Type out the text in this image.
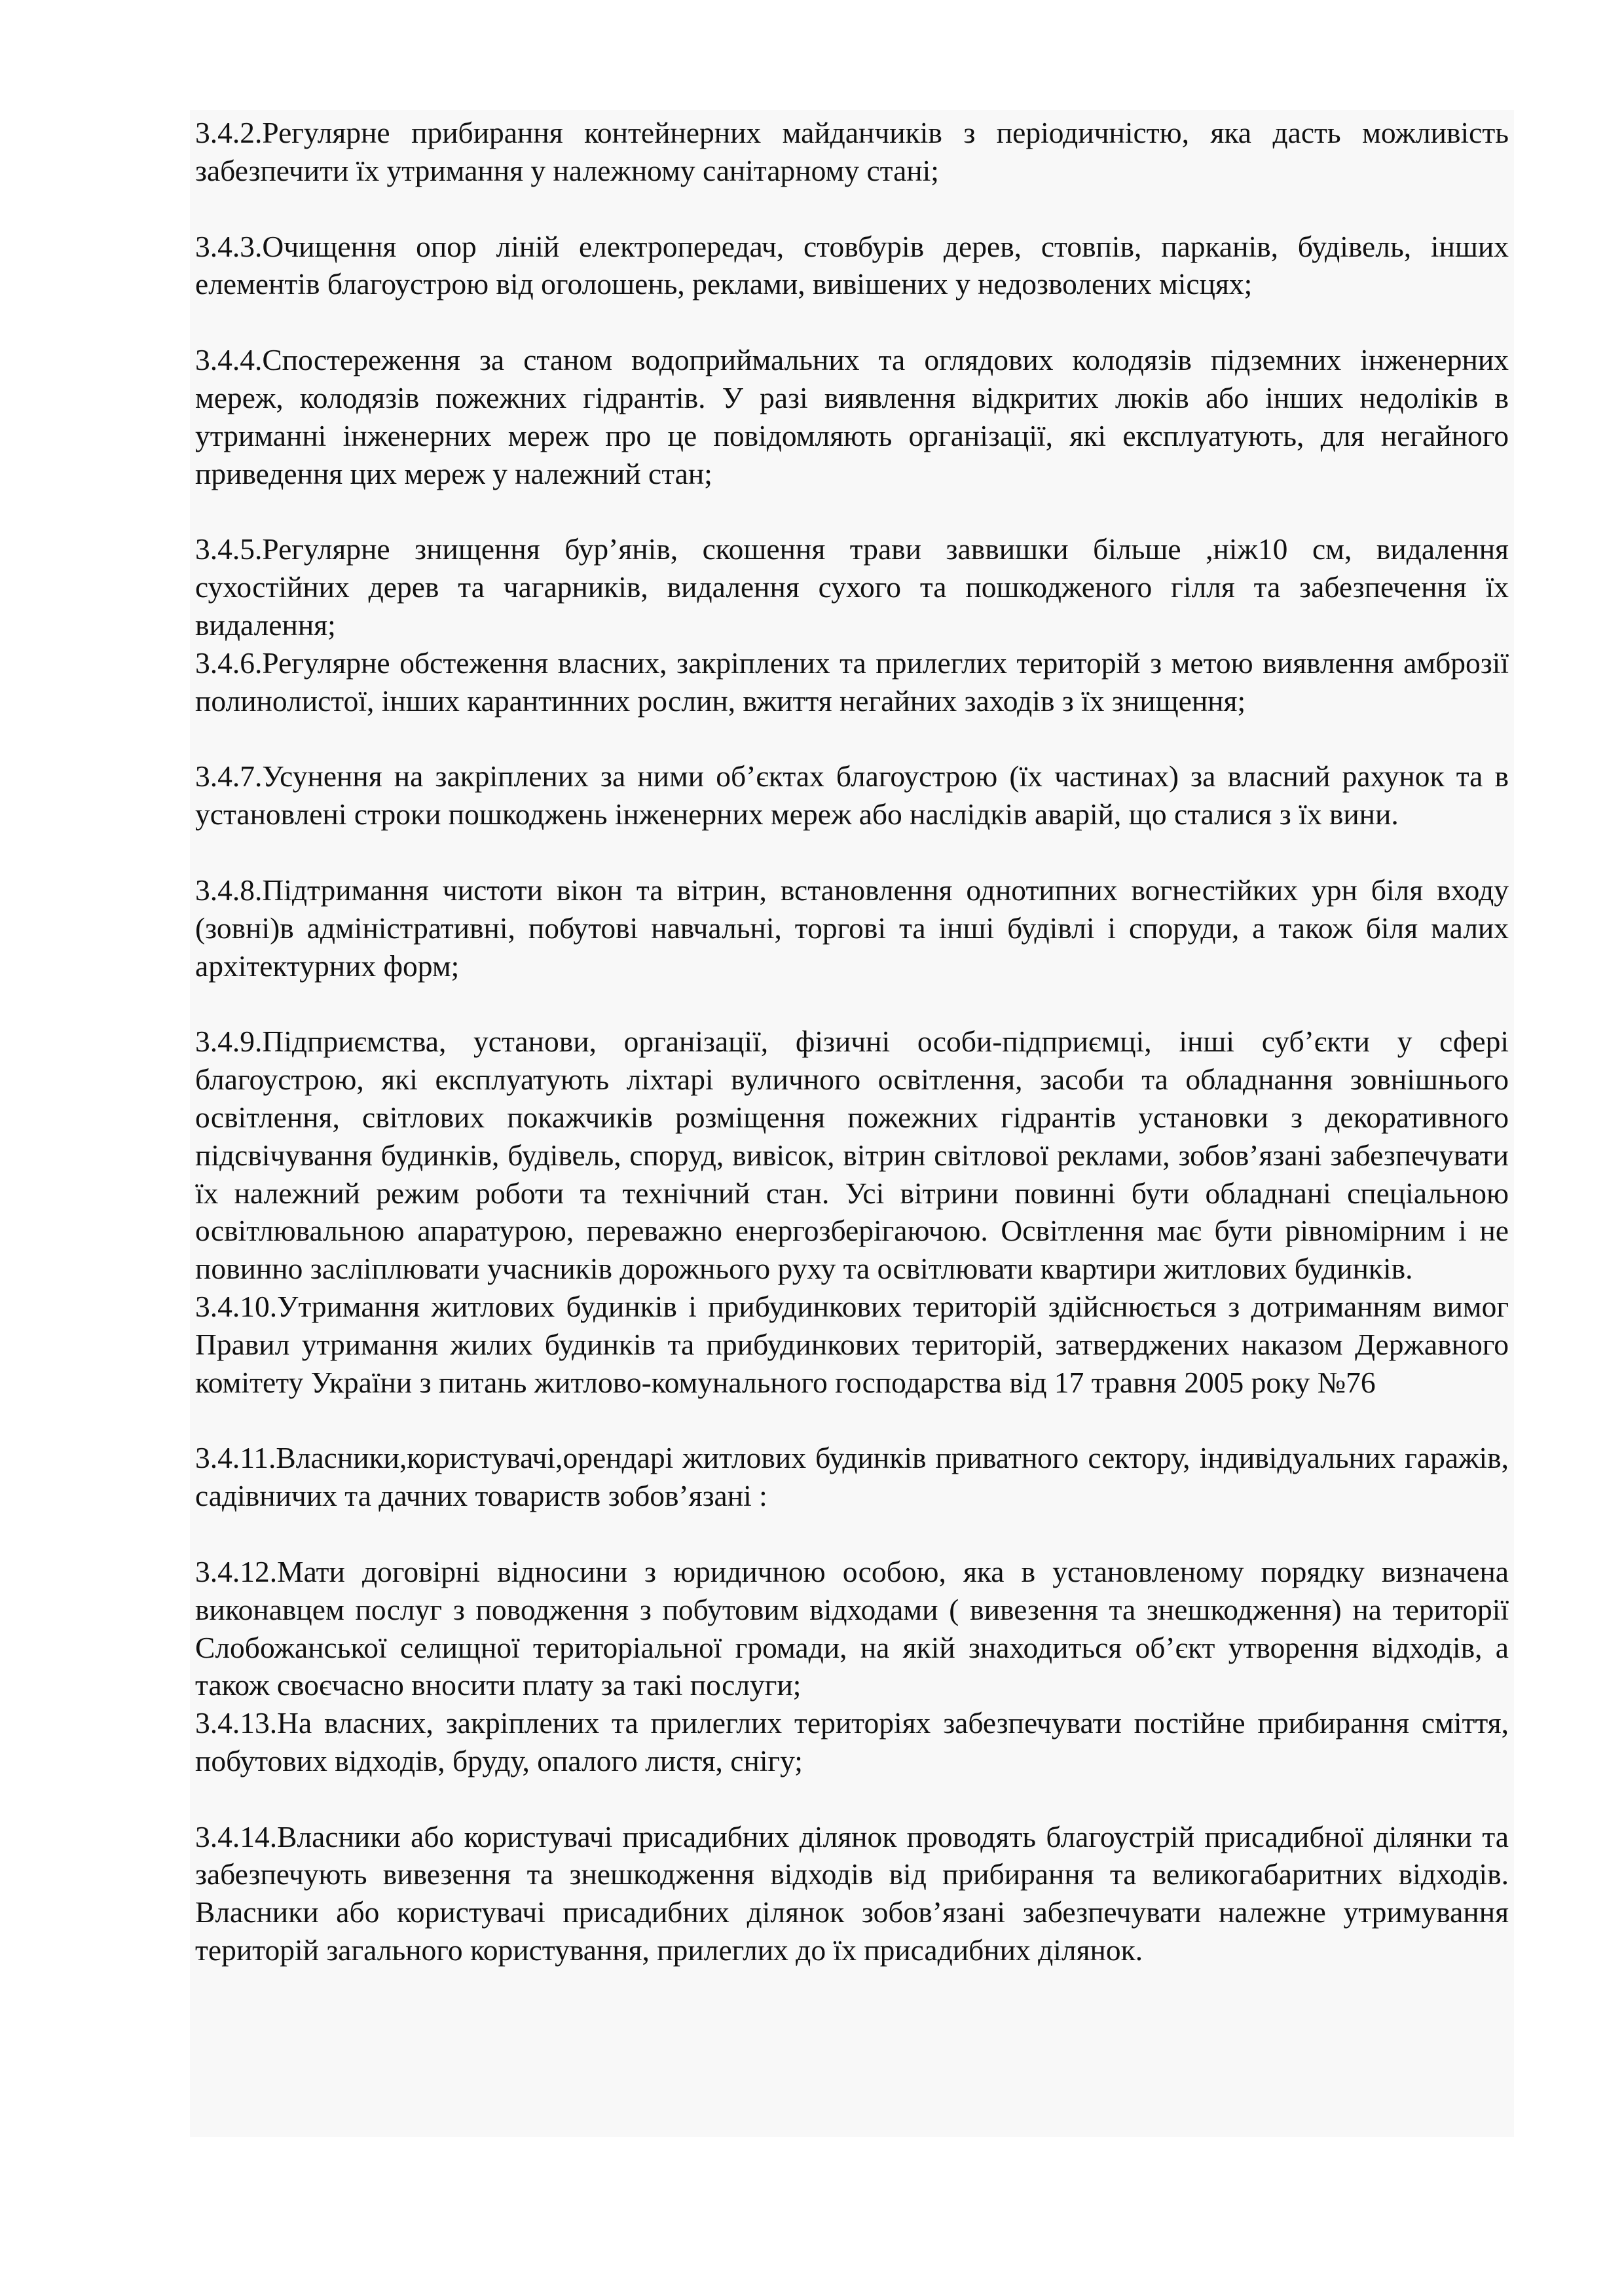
3.4.2.Регулярне прибирання контейнерних майданчиків з періодичністю, яка дасть можливість забезпечити їх утримання у належному санітарному стані;

3.4.3.Очищення опор ліній електропередач, стовбурів дерев, стовпів, парканів, будівель, інших елементів благоустрою від оголошень, реклами, вивішених у недозволених місцях;

3.4.4.Спостереження за станом водоприймальних та оглядових колодязів підземних інженерних мереж, колодязів пожежних гідрантів. У разі виявлення відкритих люків або інших недоліків в утриманні інженерних мереж про це повідомляють організації, які експлуатують, для негайного приведення цих мереж у належний стан;

3.4.5.Регулярне знищення бур’янів, скошення трави заввишки більше ,ніж10 см, видалення сухостійних дерев та чагарників, видалення сухого та пошкодженого гілля та забезпечення їх видалення;

3.4.6.Регулярне обстеження власних, закріплених та прилеглих територій з метою виявлення амброзії полинолистої, інших карантинних рослин, вжиття негайних заходів з їх знищення;

3.4.7.Усунення на закріплених за ними об’єктах благоустрою (їх частинах) за власний рахунок та в установлені строки пошкоджень інженерних мереж або наслідків аварій, що сталися з їх вини.

3.4.8.Підтримання чистоти вікон та вітрин, встановлення однотипних вогнестійких урн біля входу (зовні)в адміністративні, побутові навчальні, торгові та інші будівлі і споруди, а також біля малих архітектурних форм;

3.4.9.Підприємства, установи, організації, фізичні особи-підприємці, інші суб’єкти у сфері благоустрою, які експлуатують ліхтарі вуличного освітлення, засоби та обладнання зовнішнього освітлення, світлових покажчиків розміщення пожежних гідрантів установки з декоративного підсвічування будинків, будівель, споруд, вивісок, вітрин світлової реклами, зобов’язані забезпечувати їх належний режим роботи та технічний стан. Усі вітрини повинні бути обладнані спеціальною освітлювальною апаратурою, переважно енергозберігаючою. Освітлення має бути рівномірним і не повинно засліплювати учасників дорожнього руху та освітлювати квартири житлових будинків.

3.4.10.Утримання житлових будинків і прибудинкових територій здійснюється з дотриманням вимог Правил утримання жилих будинків та прибудинкових територій, затверджених наказом Державного комітету України з питань житлово-комунального господарства від 17 травня 2005 року №76

3.4.11.Власники,користувачі,орендарі житлових будинків приватного сектору, індивідуальних гаражів, садівничих та дачних товариств зобов’язані :

3.4.12.Мати договірні відносини з юридичною особою, яка в установленому порядку визначена виконавцем послуг з поводження з побутовим відходами ( вивезення та знешкодження) на території Слобожанської селищної територіальної громади, на якій знаходиться об’єкт утворення відходів, а також своєчасно вносити плату за такі послуги;

3.4.13.На власних, закріплених та прилеглих територіях забезпечувати постійне прибирання сміття, побутових відходів, бруду, опалого листя, снігу;

3.4.14.Власники або користувачі присадибних ділянок проводять благоустрій присадибної ділянки та забезпечують вивезення та знешкодження відходів від прибирання та великогабаритних відходів. Власники або користувачі присадибних ділянок зобов’язані забезпечувати належне утримування територій загального користування, прилеглих до їх присадибних ділянок.
